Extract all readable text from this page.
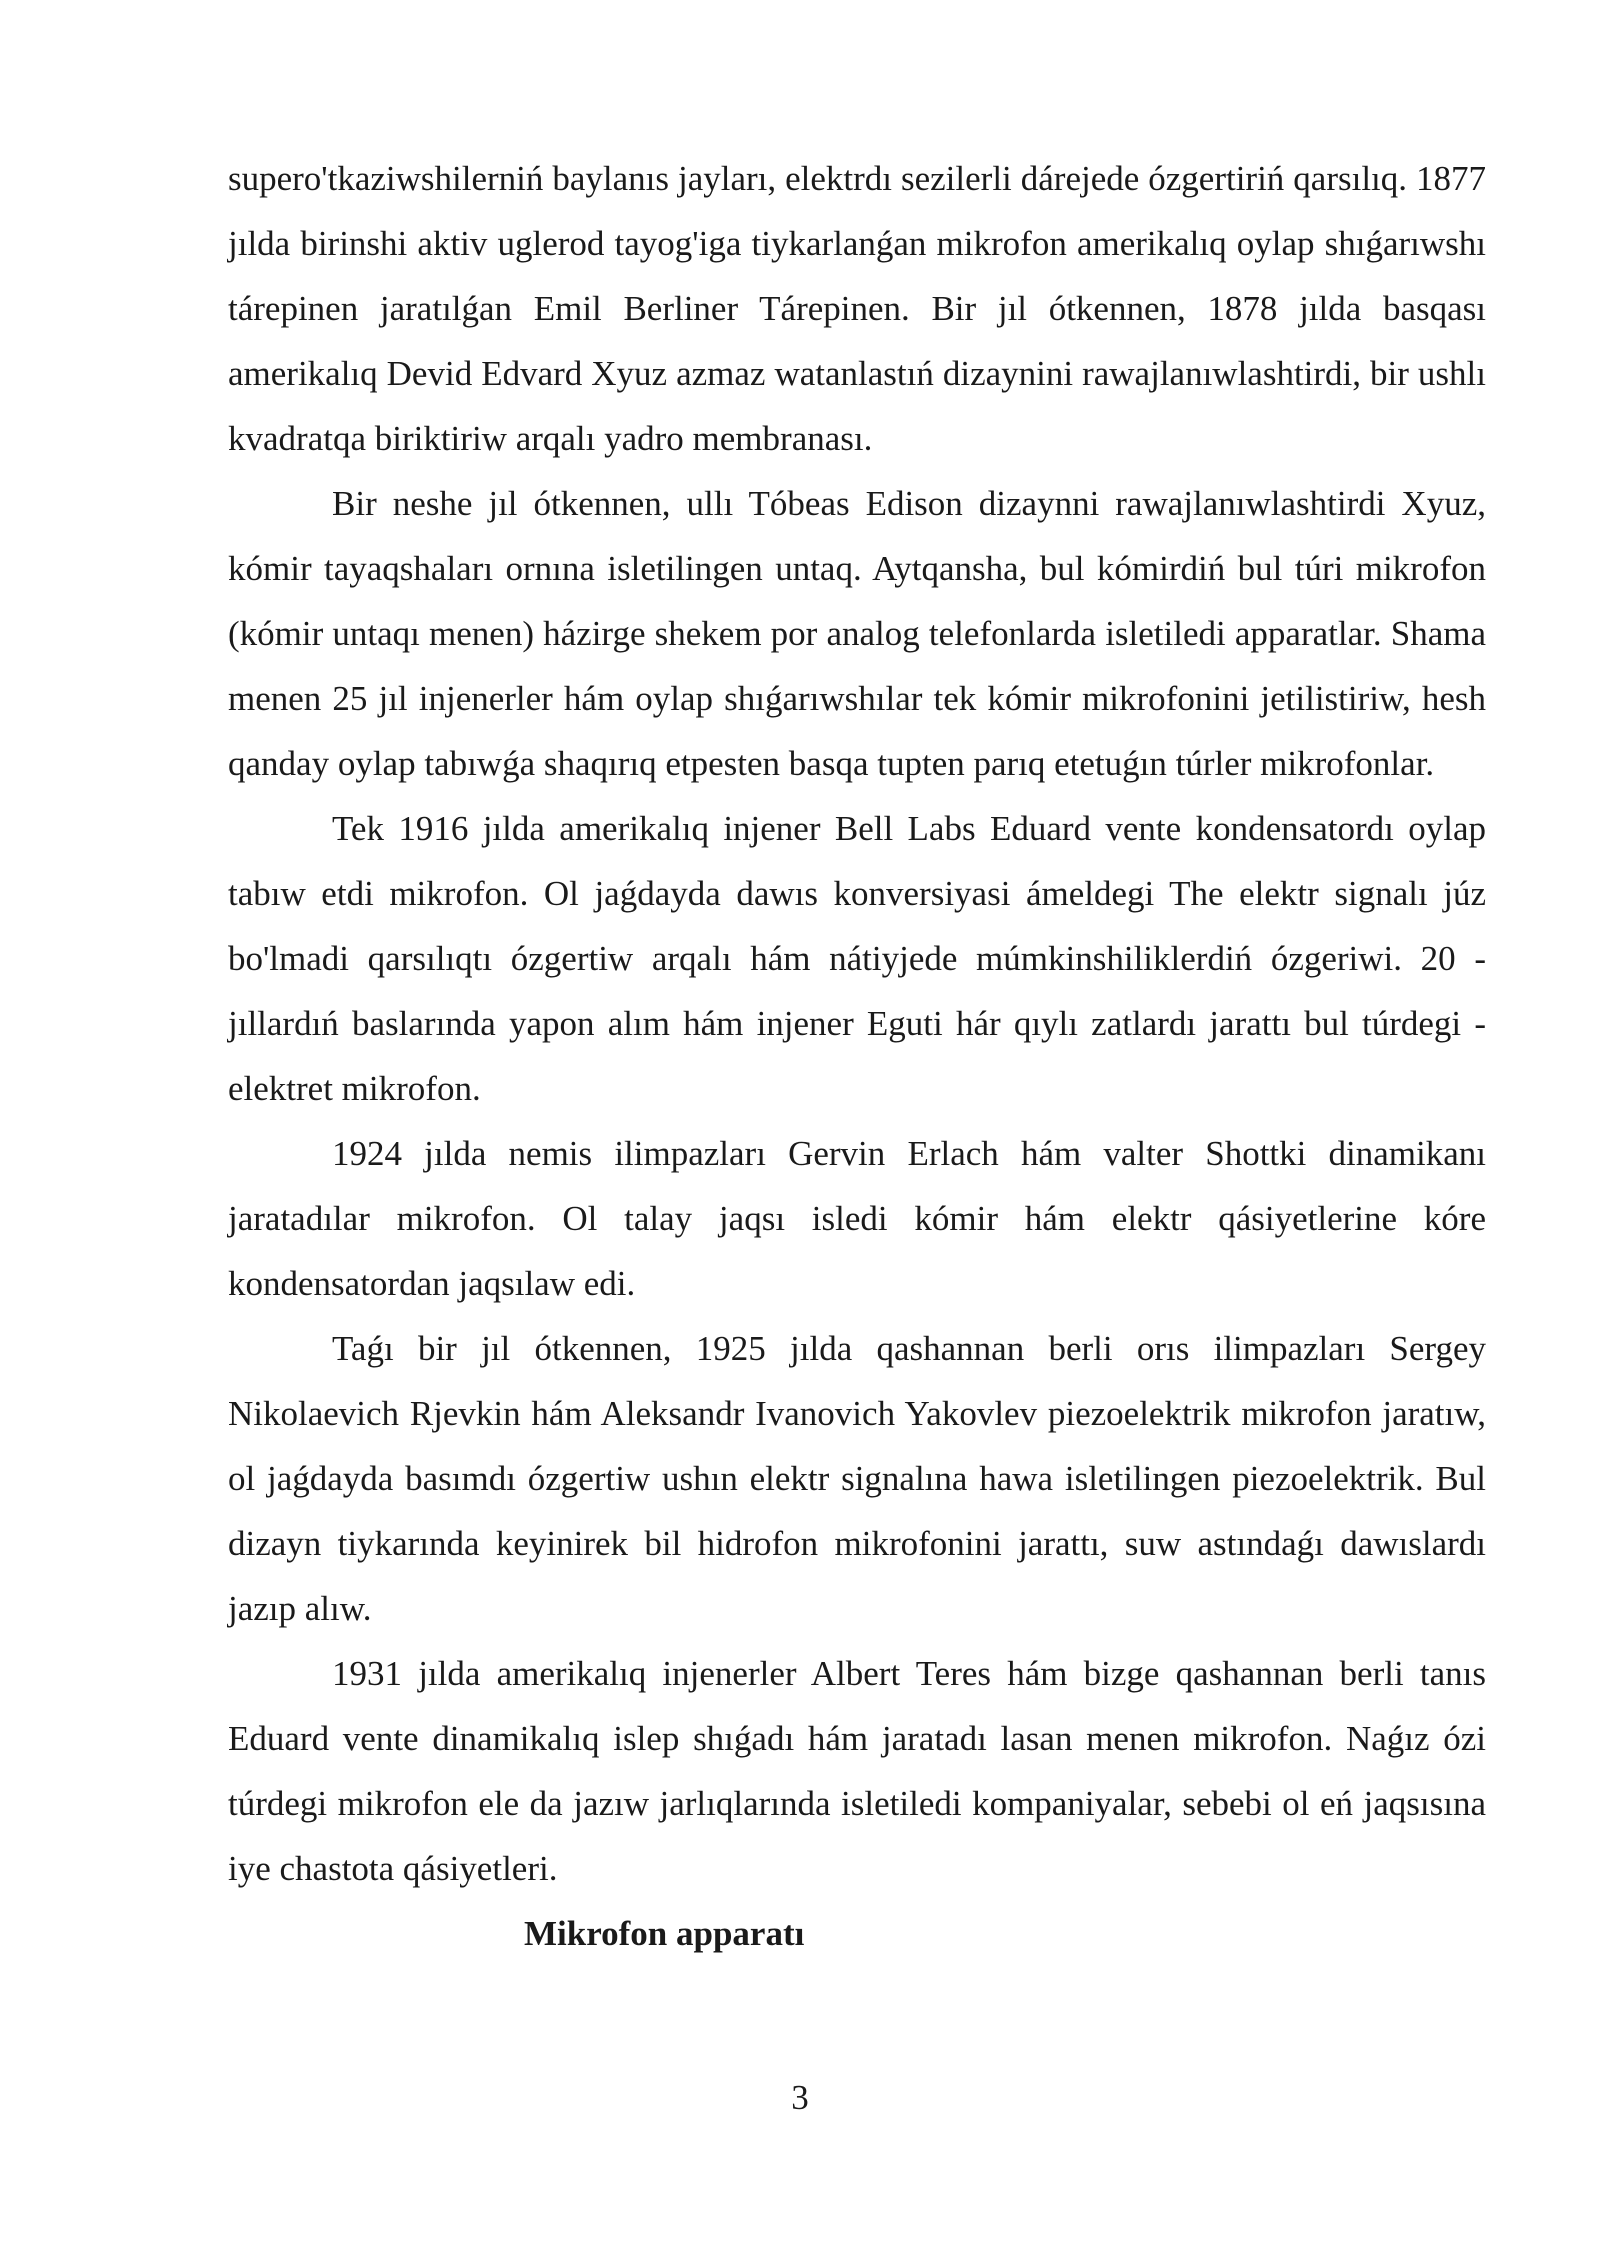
supero'tkaziwshilerniń baylanıs jayları, elektrdı sezilerli dárejede ózgertiriń qarsılıq. 1877 jılda birinshi aktiv uglerod tayog'iga tiykarlanǵan mikrofon amerikalıq oylap shıǵarıwshı tárepinen jaratılǵan Emil Berliner Tárepinen. Bir jıl ótkennen, 1878 jılda basqası amerikalıq Devid Edvard Xyuz azmaz watanlastıń dizaynini rawajlanıwlashtirdi, bir ushlı kvadratqa biriktiriw arqalı yadro membranası.

Bir neshe jıl ótkennen, ullı Tóbeas Edison dizaynni rawajlanıwlashtirdi Xyuz, kómir tayaqshaları ornına isletilingen untaq. Aytqansha, bul kómirdiń bul túri mikrofon (kómir untaqı menen) házirge shekem por analog telefonlarda isletiledi apparatlar. Shama menen 25 jıl injenerler hám oylap shıǵarıwshılar tek kómir mikrofonini jetilistiriw, hesh qanday oylap tabıwǵa shaqırıq etpesten basqa tupten parıq etetuǵın túrler mikrofonlar.

Tek 1916 jılda amerikalıq injener Bell Labs Eduard vente kondensatordı oylap tabıw etdi mikrofon. Ol jaǵdayda dawıs konversiyasi ámeldegi The elektr signalı júz bo'lmadi qarsılıqtı ózgertiw arqalı hám nátiyjede múmkinshiliklerdiń ózgeriwi. 20 -jıllardıń baslarında yapon alım hám injener Eguti hár qıylı zatlardı jarattı bul túrdegi - elektret mikrofon.

1924 jılda nemis ilimpazları Gervin Erlach hám valter Shottki dinamikanı jaratadılar mikrofon. Ol talay jaqsı isledi kómir hám elektr qásiyetlerine kóre kondensatordan jaqsılaw edi.

Taǵı bir jıl ótkennen, 1925 jılda qashannan berli orıs ilimpazları Sergey Nikolaevich Rjevkin hám Aleksandr Ivanovich Yakovlev piezoelektrik mikrofon jaratıw, ol jaǵdayda basımdı ózgertiw ushın elektr signalına hawa isletilingen piezoelektrik. Bul dizayn tiykarında keyinirek bil hidrofon mikrofonini jarattı, suw astındaǵı dawıslardı jazıp alıw.

1931 jılda amerikalıq injenerler Albert Teres hám bizge qashannan berli tanıs Eduard vente dinamikalıq islep shıǵadı hám jaratadı lasan menen mikrofon. Naǵız ózi túrdegi mikrofon ele da jazıw jarlıqlarında isletiledi kompaniyalar, sebebi ol eń jaqsısına iye chastota qásiyetleri.

Mikrofon apparatı

3
